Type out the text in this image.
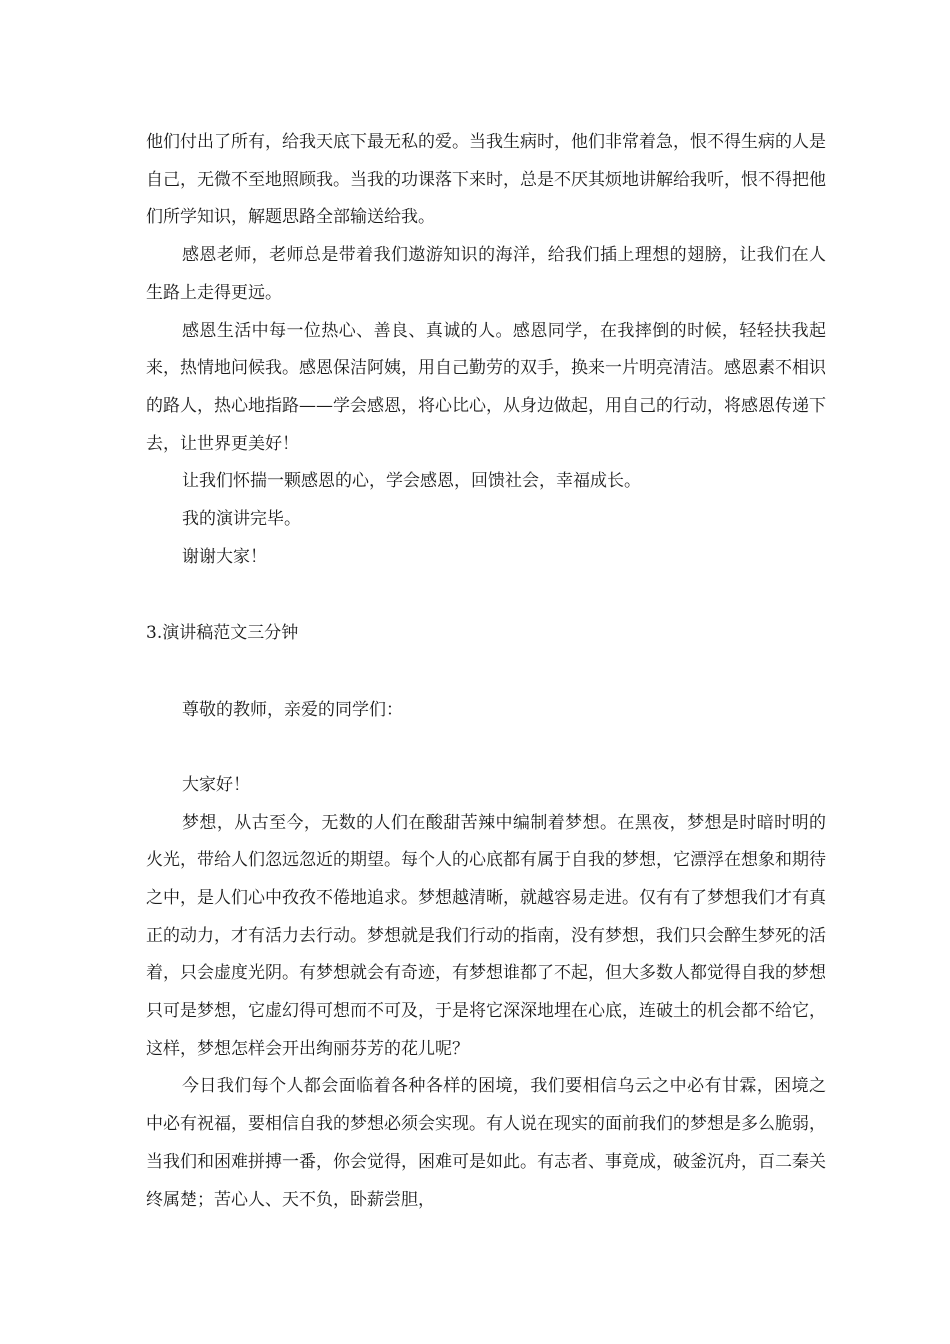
他们付出了所有，给我天底下最无私的爱。当我生病时，他们非常着急，恨不得生病的人是自己，无微不至地照顾我。当我的功课落下来时，总是不厌其烦地讲解给我听，恨不得把他们所学知识，解题思路全部输送给我。

感恩老师，老师总是带着我们遨游知识的海洋，给我们插上理想的翅膀，让我们在人生路上走得更远。

感恩生活中每一位热心、善良、真诚的人。感恩同学，在我摔倒的时候，轻轻扶我起来，热情地问候我。感恩保洁阿姨，用自己勤劳的双手，换来一片明亮清洁。感恩素不相识的路人，热心地指路——学会感恩，将心比心，从身边做起，用自己的行动，将感恩传递下去，让世界更美好！

让我们怀揣一颗感恩的心，学会感恩，回馈社会，幸福成长。

我的演讲完毕。

谢谢大家！

3.演讲稿范文三分钟

尊敬的教师，亲爱的同学们：

大家好！

梦想，从古至今，无数的人们在酸甜苦辣中编制着梦想。在黑夜，梦想是时暗时明的火光，带给人们忽远忽近的期望。每个人的心底都有属于自我的梦想，它漂浮在想象和期待之中，是人们心中孜孜不倦地追求。梦想越清晰，就越容易走进。仅有有了梦想我们才有真正的动力，才有活力去行动。梦想就是我们行动的指南，没有梦想，我们只会醉生梦死的活着，只会虚度光阴。有梦想就会有奇迹，有梦想谁都了不起，但大多数人都觉得自我的梦想只可是梦想，它虚幻得可想而不可及，于是将它深深地埋在心底，连破土的机会都不给它，这样，梦想怎样会开出绚丽芬芳的花儿呢？

今日我们每个人都会面临着各种各样的困境，我们要相信乌云之中必有甘霖，困境之中必有祝福，要相信自我的梦想必须会实现。有人说在现实的面前我们的梦想是多么脆弱，当我们和困难拼搏一番，你会觉得，困难可是如此。有志者、事竟成，破釜沉舟，百二秦关终属楚；苦心人、天不负，卧薪尝胆，
